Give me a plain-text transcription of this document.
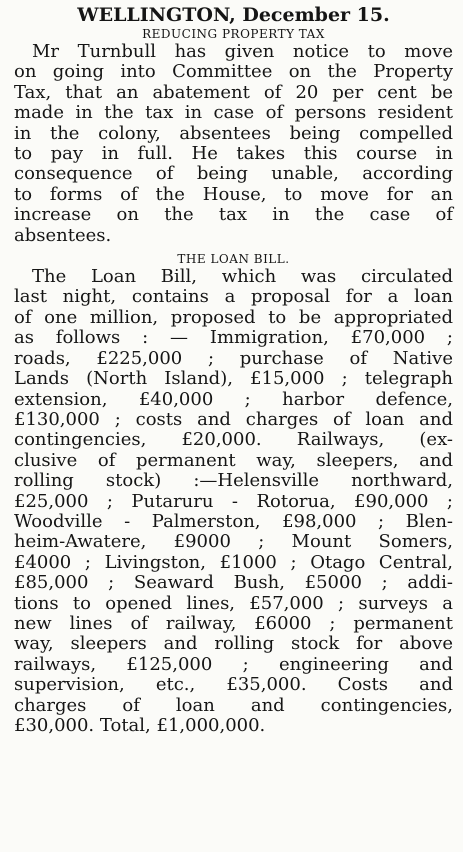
WELLINGTON, December 15.
REDUCING PROPERTY TAX
Mr Turnbull has given notice to move
on going into Committee on the Property
Tax, that an abatement of 20 per cent be
made in the tax in case of persons resident
in the colony, absentees being compelled
to pay in full. He takes this course in
consequence of being unable, according
to forms of the House, to move for an
increase on the tax in the case of
absentees.
THE LOAN BILL.
The Loan Bill, which was circulated
last night, contains a proposal for a loan
of one million, proposed to be appropriated
as follows : — Immigration, £70,000 ;
roads, £225,000 ; purchase of Native
Lands (North Island), £15,000 ; telegraph
extension, £40,000 ; harbor defence,
£130,000 ; costs and charges of loan and
contingencies, £20,000. Railways, (ex-
clusive of permanent way, sleepers, and
rolling stock) :—Helensville northward,
£25,000 ; Putaruru - Rotorua, £90,000 ;
Woodville - Palmerston, £98,000 ; Blen-
heim-Awatere, £9000 ; Mount Somers,
£4000 ; Livingston, £1000 ; Otago Central,
£85,000 ; Seaward Bush, £5000 ; addi-
tions to opened lines, £57,000 ; surveys a
new lines of railway, £6000 ; permanent
way, sleepers and rolling stock for above
railways, £125,000 ; engineering and
supervision, etc., £35,000. Costs and
charges of loan and contingencies,
£30,000. Total, £1,000,000.
